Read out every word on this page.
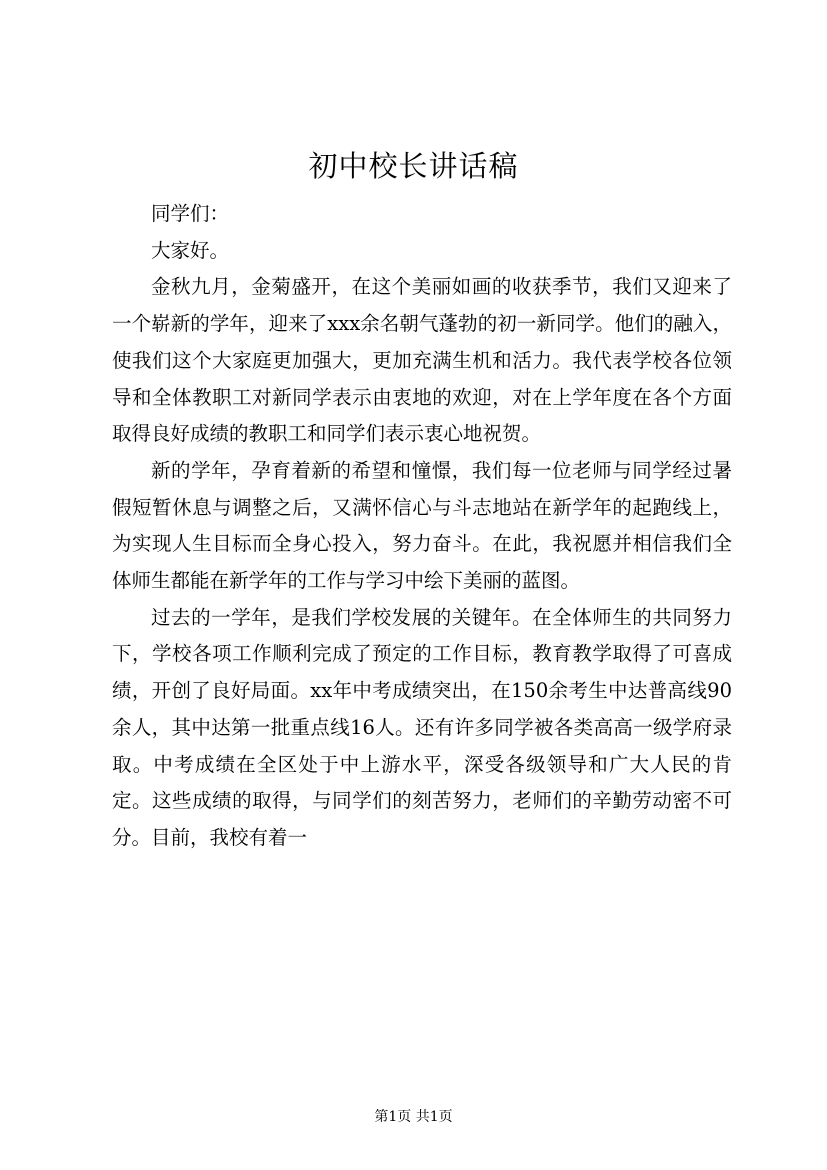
初中校长讲话稿

同学们：

大家好。

金秋九月，金菊盛开，在这个美丽如画的收获季节，我们又迎来了一个崭新的学年，迎来了xxx余名朝气蓬勃的初一新同学。他们的融入，使我们这个大家庭更加强大，更加充满生机和活力。我代表学校各位领导和全体教职工对新同学表示由衷地的欢迎，对在上学年度在各个方面取得良好成绩的教职工和同学们表示衷心地祝贺。

新的学年，孕育着新的希望和憧憬，我们每一位老师与同学经过暑假短暂休息与调整之后，又满怀信心与斗志地站在新学年的起跑线上，为实现人生目标而全身心投入，努力奋斗。在此，我祝愿并相信我们全体师生都能在新学年的工作与学习中绘下美丽的蓝图。

过去的一学年，是我们学校发展的关键年。在全体师生的共同努力下，学校各项工作顺利完成了预定的工作目标，教育教学取得了可喜成绩，开创了良好局面。xx年中考成绩突出，在150余考生中达普高线90余人，其中达第一批重点线16人。还有许多同学被各类高高一级学府录取。中考成绩在全区处于中上游水平，深受各级领导和广大人民的肯定。这些成绩的取得，与同学们的刻苦努力，老师们的辛勤劳动密不可分。目前，我校有着一

第1页 共1页
